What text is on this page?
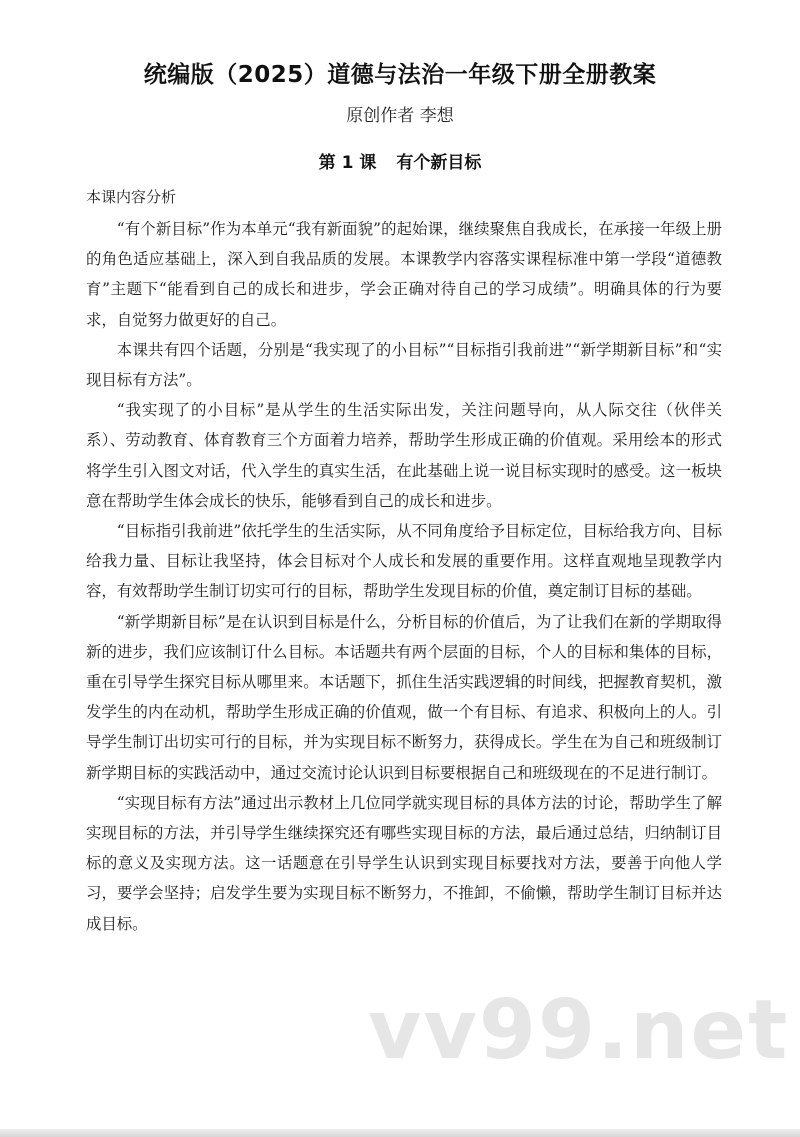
统编版（2025）道德与法治一年级下册全册教案
原创作者 李想
第 1 课 有个新目标
本课内容分析

“有个新目标”作为本单元“我有新面貌”的起始课，继续聚焦自我成长，在承接一年级上册的角色适应基础上，深入到自我品质的发展。本课教学内容落实课程标准中第一学段“道德教育”主题下“能看到自己的成长和进步，学会正确对待自己的学习成绩”。明确具体的行为要求，自觉努力做更好的自己。

本课共有四个话题，分别是“我实现了的小目标”“目标指引我前进”“新学期新目标”和“实现目标有方法”。

“我实现了的小目标”是从学生的生活实际出发，关注问题导向，从人际交往（伙伴关系）、劳动教育、体育教育三个方面着力培养，帮助学生形成正确的价值观。采用绘本的形式将学生引入图文对话，代入学生的真实生活，在此基础上说一说目标实现时的感受。这一板块意在帮助学生体会成长的快乐，能够看到自己的成长和进步。

“目标指引我前进”依托学生的生活实际，从不同角度给予目标定位，目标给我方向、目标给我力量、目标让我坚持，体会目标对个人成长和发展的重要作用。这样直观地呈现教学内容，有效帮助学生制订切实可行的目标，帮助学生发现目标的价值，奠定制订目标的基础。

“新学期新目标”是在认识到目标是什么，分析目标的价值后，为了让我们在新的学期取得新的进步，我们应该制订什么目标。本话题共有两个层面的目标，个人的目标和集体的目标，重在引导学生探究目标从哪里来。本话题下，抓住生活实践逻辑的时间线，把握教育契机，激发学生的内在动机，帮助学生形成正确的价值观，做一个有目标、有追求、积极向上的人。引导学生制订出切实可行的目标，并为实现目标不断努力，获得成长。学生在为自己和班级制订新学期目标的实践活动中，通过交流讨论认识到目标要根据自己和班级现在的不足进行制订。

“实现目标有方法”通过出示教材上几位同学就实现目标的具体方法的讨论，帮助学生了解实现目标的方法，并引导学生继续探究还有哪些实现目标的方法，最后通过总结，归纳制订目标的意义及实现方法。这一话题意在引导学生认识到实现目标要找对方法，要善于向他人学习，要学会坚持；启发学生要为实现目标不断努力，不推卸，不偷懒，帮助学生制订目标并达成目标。

vv99.net
